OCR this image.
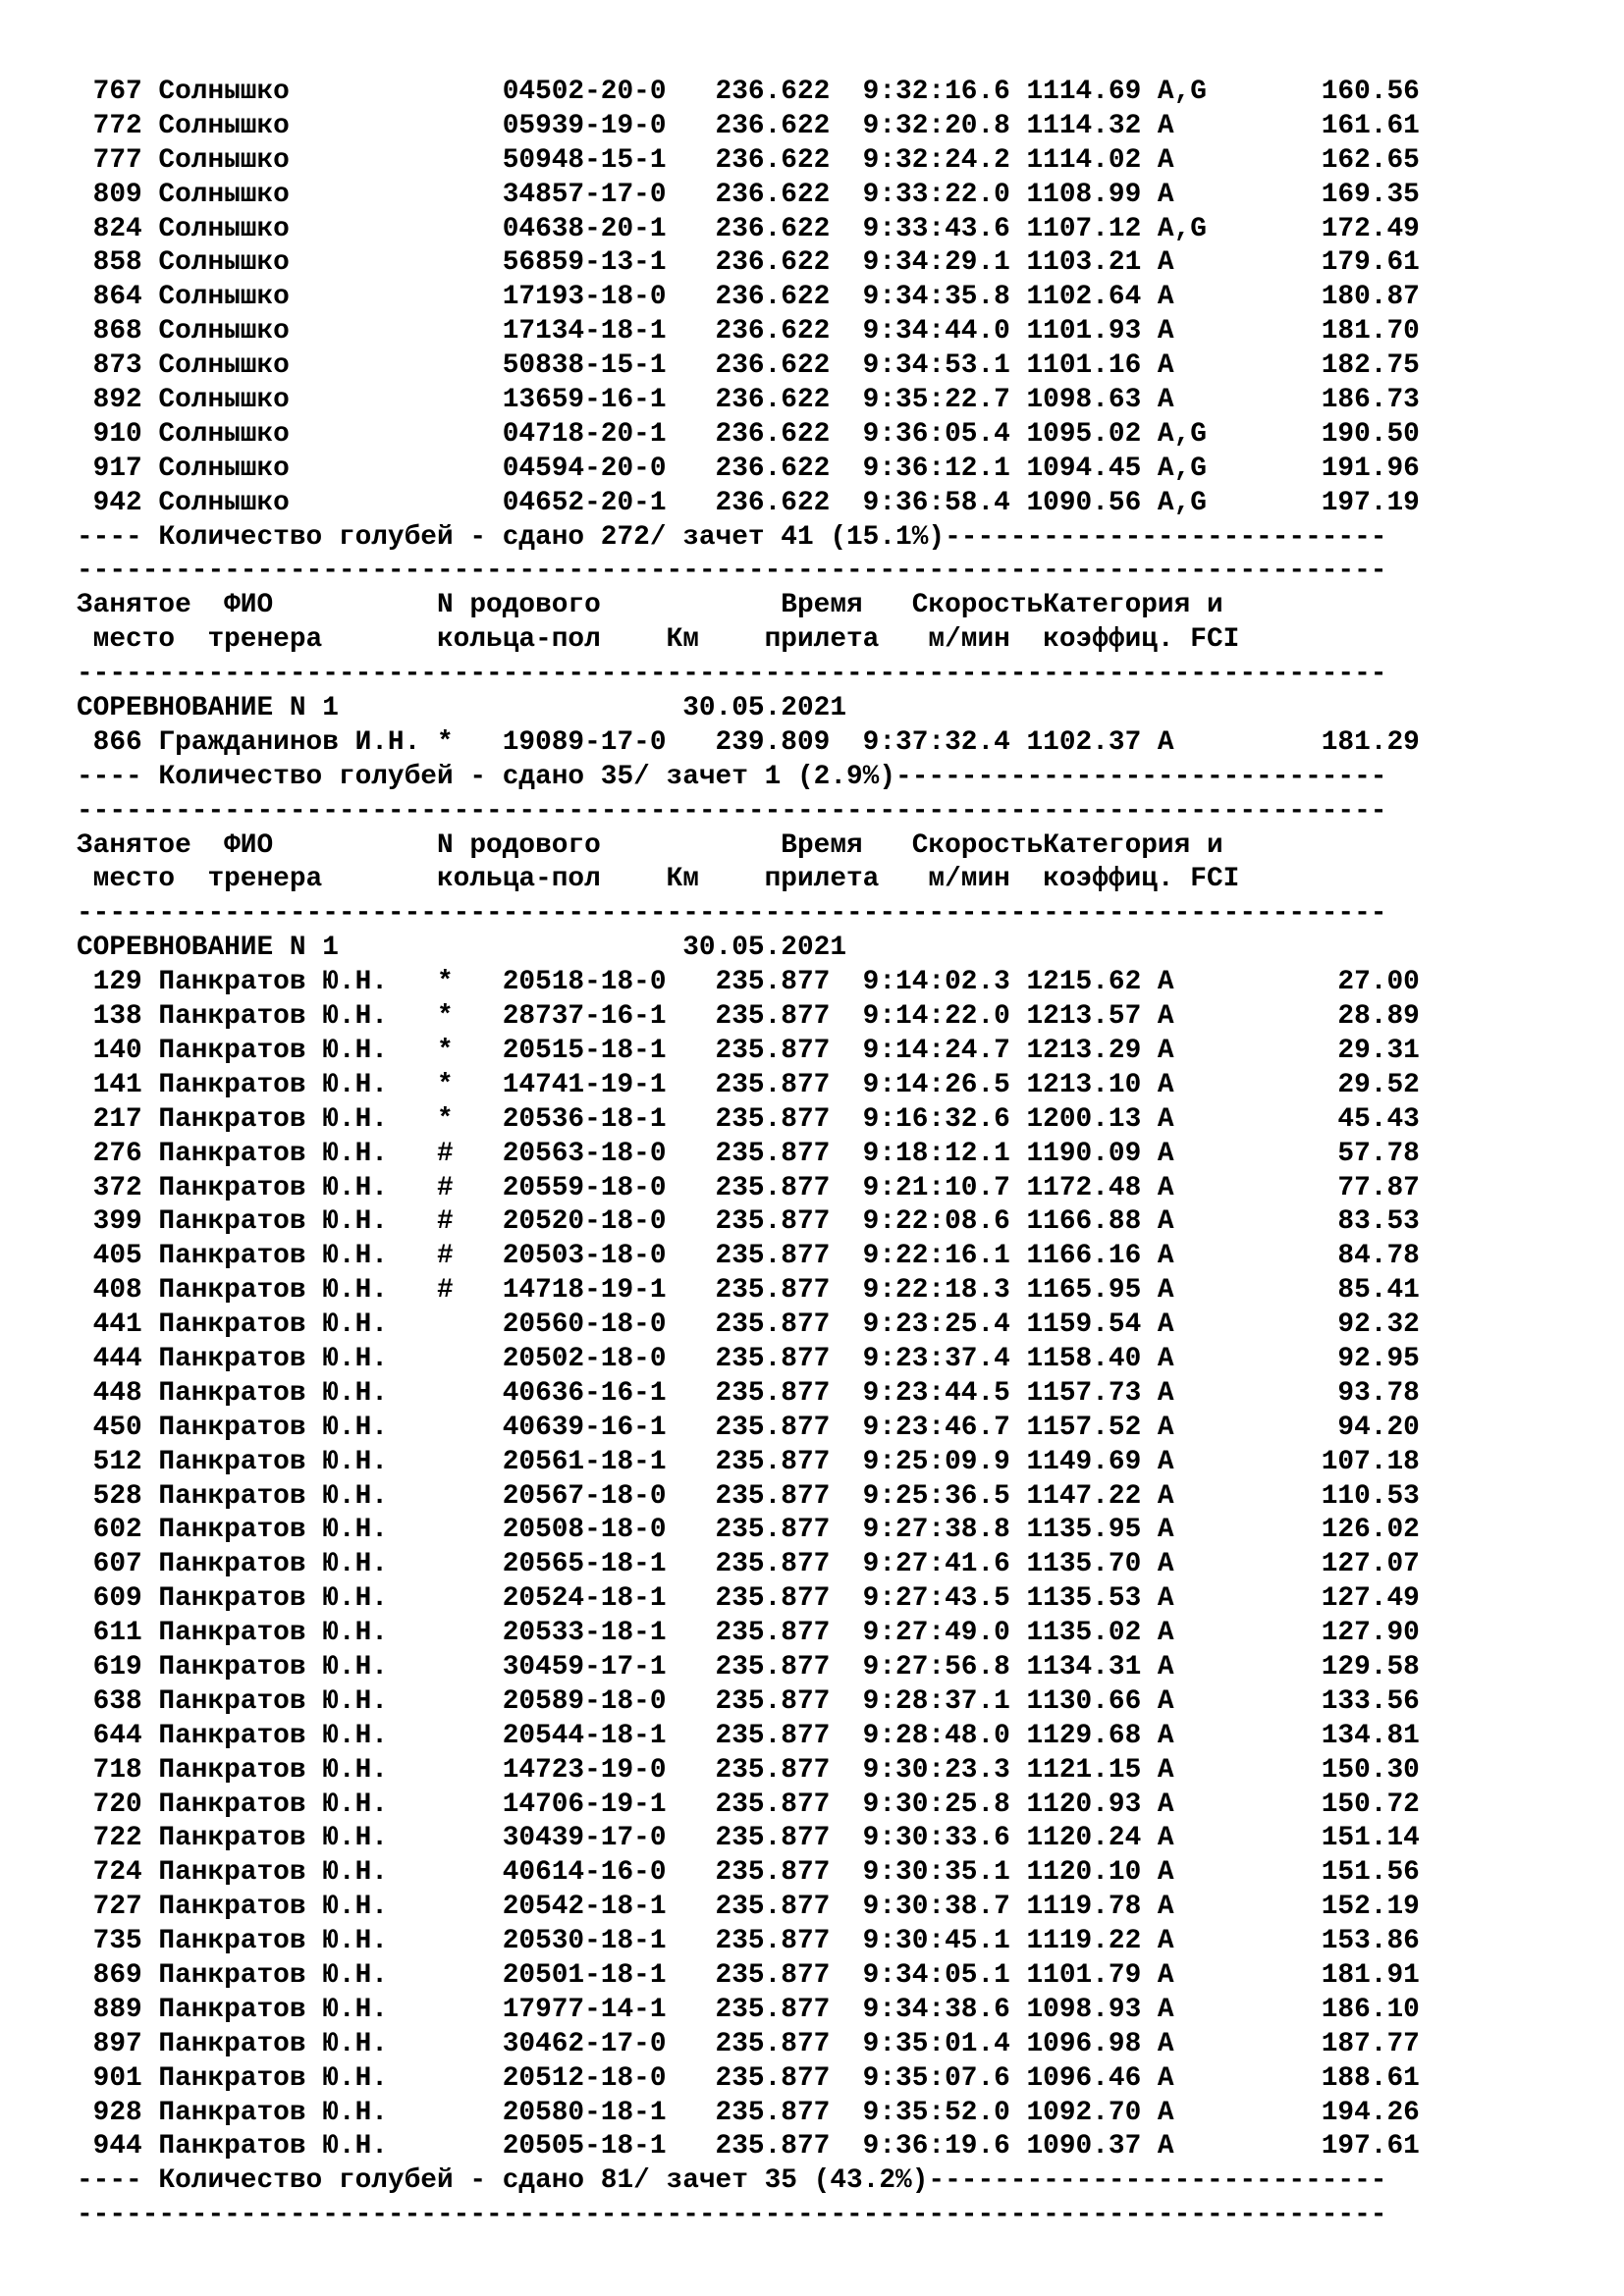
767 Солнышко             04502-20-0   236.622  9:32:16.6 1114.69 A,G       160.56
772 Солнышко             05939-19-0   236.622  9:32:20.8 1114.32 A         161.61
777 Солнышко             50948-15-1   236.622  9:32:24.2 1114.02 A         162.65
809 Солнышко             34857-17-0   236.622  9:33:22.0 1108.99 A         169.35
824 Солнышко             04638-20-1   236.622  9:33:43.6 1107.12 A,G       172.49
858 Солнышко             56859-13-1   236.622  9:34:29.1 1103.21 A         179.61
864 Солнышко             17193-18-0   236.622  9:34:35.8 1102.64 A         180.87
868 Солнышко             17134-18-1   236.622  9:34:44.0 1101.93 A         181.70
873 Солнышко             50838-15-1   236.622  9:34:53.1 1101.16 A         182.75
892 Солнышко             13659-16-1   236.622  9:35:22.7 1098.63 A         186.73
910 Солнышко             04718-20-1   236.622  9:36:05.4 1095.02 A,G       190.50
917 Солнышко             04594-20-0   236.622  9:36:12.1 1094.45 A,G       191.96
942 Солнышко             04652-20-1   236.622  9:36:58.4 1090.56 A,G       197.19
---- Количество голубей - сдано 272/ зачет 41 (15.1%)---------------------------
--------------------------------------------------------------------------------
Занятое  ФИО          N родового           Время   СкоростьКатегория и
место  тренера       кольца-пол    Км    прилета   м/мин  коэффиц. FCI
--------------------------------------------------------------------------------
СОРЕВНОВАНИЕ N 1                     30.05.2021
866 Гражданинов И.Н. *   19089-17-0   239.809  9:37:32.4 1102.37 A         181.29
---- Количество голубей - сдано 35/ зачет 1 (2.9%)------------------------------
--------------------------------------------------------------------------------
Занятое  ФИО          N родового           Время   СкоростьКатегория и
место  тренера       кольца-пол    Км    прилета   м/мин  коэффиц. FCI
--------------------------------------------------------------------------------
СОРЕВНОВАНИЕ N 1                     30.05.2021
129 Панкратов Ю.Н.   *   20518-18-0   235.877  9:14:02.3 1215.62 A          27.00
138 Панкратов Ю.Н.   *   28737-16-1   235.877  9:14:22.0 1213.57 A          28.89
140 Панкратов Ю.Н.   *   20515-18-1   235.877  9:14:24.7 1213.29 A          29.31
141 Панкратов Ю.Н.   *   14741-19-1   235.877  9:14:26.5 1213.10 A          29.52
217 Панкратов Ю.Н.   *   20536-18-1   235.877  9:16:32.6 1200.13 A          45.43
276 Панкратов Ю.Н.   #   20563-18-0   235.877  9:18:12.1 1190.09 A          57.78
372 Панкратов Ю.Н.   #   20559-18-0   235.877  9:21:10.7 1172.48 A          77.87
399 Панкратов Ю.Н.   #   20520-18-0   235.877  9:22:08.6 1166.88 A          83.53
405 Панкратов Ю.Н.   #   20503-18-0   235.877  9:22:16.1 1166.16 A          84.78
408 Панкратов Ю.Н.   #   14718-19-1   235.877  9:22:18.3 1165.95 A          85.41
441 Панкратов Ю.Н.       20560-18-0   235.877  9:23:25.4 1159.54 A          92.32
444 Панкратов Ю.Н.       20502-18-0   235.877  9:23:37.4 1158.40 A          92.95
448 Панкратов Ю.Н.       40636-16-1   235.877  9:23:44.5 1157.73 A          93.78
450 Панкратов Ю.Н.       40639-16-1   235.877  9:23:46.7 1157.52 A          94.20
512 Панкратов Ю.Н.       20561-18-1   235.877  9:25:09.9 1149.69 A         107.18
528 Панкратов Ю.Н.       20567-18-0   235.877  9:25:36.5 1147.22 A         110.53
602 Панкратов Ю.Н.       20508-18-0   235.877  9:27:38.8 1135.95 A         126.02
607 Панкратов Ю.Н.       20565-18-1   235.877  9:27:41.6 1135.70 A         127.07
609 Панкратов Ю.Н.       20524-18-1   235.877  9:27:43.5 1135.53 A         127.49
611 Панкратов Ю.Н.       20533-18-1   235.877  9:27:49.0 1135.02 A         127.90
619 Панкратов Ю.Н.       30459-17-1   235.877  9:27:56.8 1134.31 A         129.58
638 Панкратов Ю.Н.       20589-18-0   235.877  9:28:37.1 1130.66 A         133.56
644 Панкратов Ю.Н.       20544-18-1   235.877  9:28:48.0 1129.68 A         134.81
718 Панкратов Ю.Н.       14723-19-0   235.877  9:30:23.3 1121.15 A         150.30
720 Панкратов Ю.Н.       14706-19-1   235.877  9:30:25.8 1120.93 A         150.72
722 Панкратов Ю.Н.       30439-17-0   235.877  9:30:33.6 1120.24 A         151.14
724 Панкратов Ю.Н.       40614-16-0   235.877  9:30:35.1 1120.10 A         151.56
727 Панкратов Ю.Н.       20542-18-1   235.877  9:30:38.7 1119.78 A         152.19
735 Панкратов Ю.Н.       20530-18-1   235.877  9:30:45.1 1119.22 A         153.86
869 Панкратов Ю.Н.       20501-18-1   235.877  9:34:05.1 1101.79 A         181.91
889 Панкратов Ю.Н.       17977-14-1   235.877  9:34:38.6 1098.93 A         186.10
897 Панкратов Ю.Н.       30462-17-0   235.877  9:35:01.4 1096.98 A         187.77
901 Панкратов Ю.Н.       20512-18-0   235.877  9:35:07.6 1096.46 A         188.61
928 Панкратов Ю.Н.       20580-18-1   235.877  9:35:52.0 1092.70 A         194.26
944 Панкратов Ю.Н.       20505-18-1   235.877  9:36:19.6 1090.37 A         197.61
---- Количество голубей - сдано 81/ зачет 35 (43.2%)----------------------------
--------------------------------------------------------------------------------
